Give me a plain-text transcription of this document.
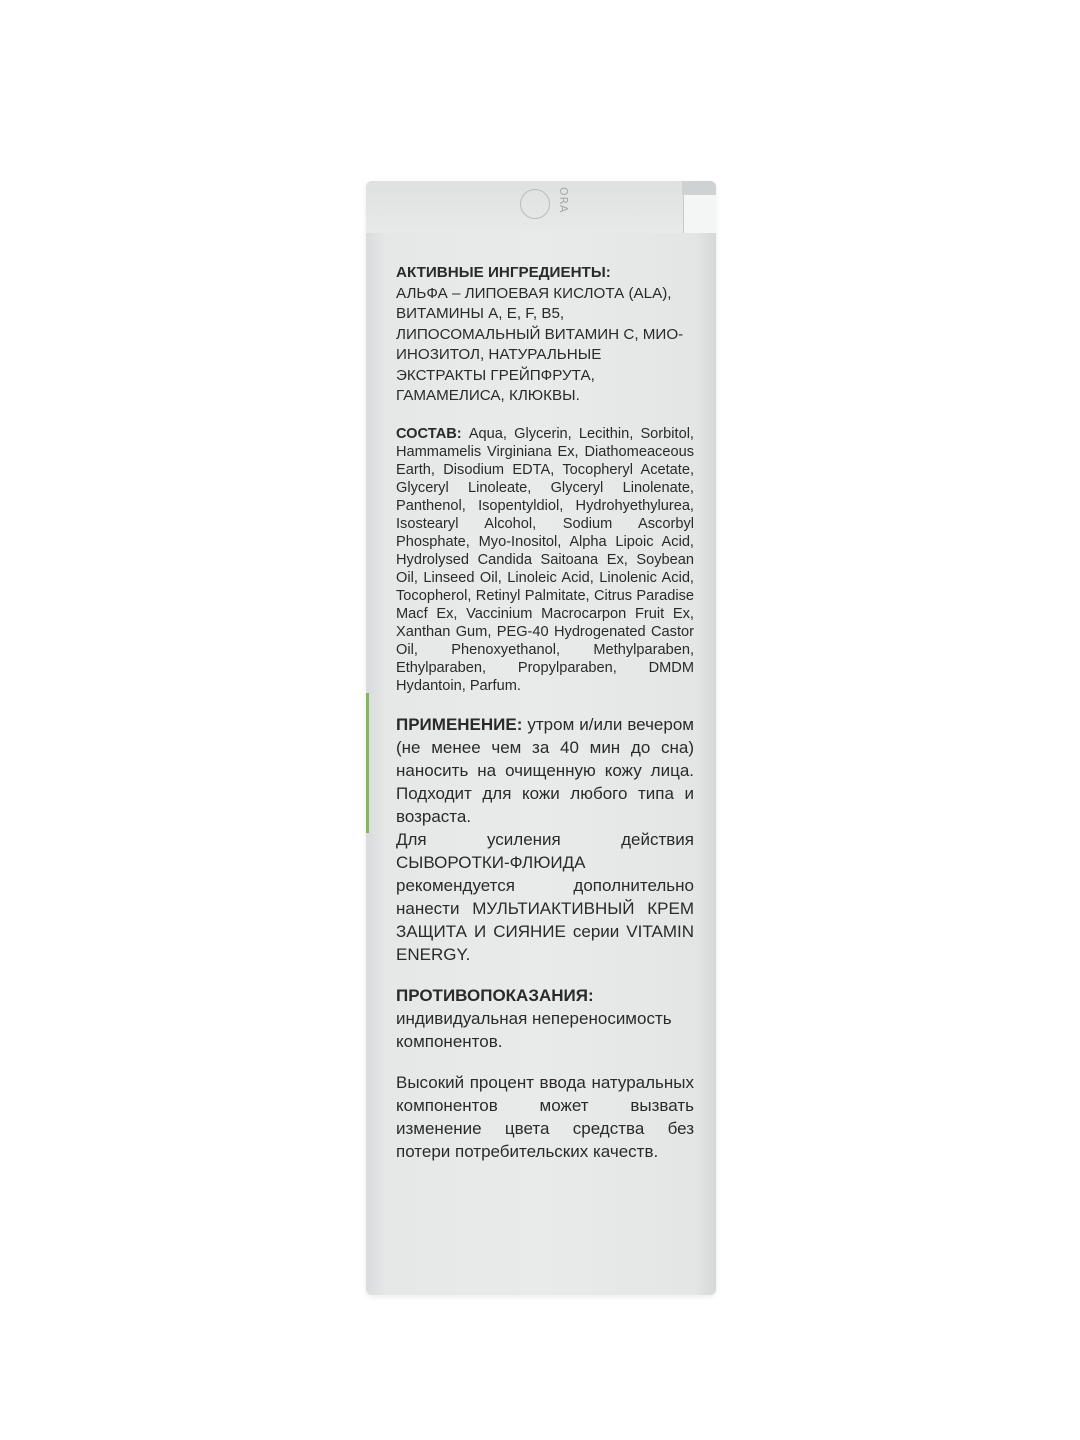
ORA
АКТИВНЫЕ ИНГРЕДИЕНТЫ:
АЛЬФА – ЛИПОЕВАЯ КИСЛОТА (ALA), ВИТАМИНЫ А, Е, F, В5, ЛИПОСОМАЛЬНЫЙ ВИТАМИН С, МИО-ИНОЗИТОЛ, НАТУРАЛЬНЫЕ ЭКСТРАКТЫ ГРЕЙПФРУТА, ГАМАМЕЛИСА, КЛЮКВЫ.
СОСТАВ: Aqua, Glycerin, Lecithin, Sorbitol, Hammamelis Virginiana Ex, Diathomeaceous Earth, Disodium EDTA, Tocopheryl Acetate, Glyceryl Linoleate, Glyceryl Linolenate, Panthenol, Isopentyldiol, Hydrohyethylurea, Isostearyl Alcohol, Sodium Ascorbyl Phosphate, Myo-Inositol, Alpha Lipoic Acid, Hydrolysed Candida Saitoana Ex, Soybean Oil, Linseed Oil, Linoleic Acid, Linolenic Acid, Tocopherol, Retinyl Palmitate, Citrus Paradise Macf Ex, Vaccinium Macrocarpon Fruit Ex, Xanthan Gum, PEG-40 Hydrogenated Castor Oil, Phenoxyethanol, Methylparaben, Ethylparaben, Propylparaben, DMDM Hydantoin, Parfum.
ПРИМЕНЕНИЕ: утром и/или вечером (не менее чем за 40 мин до сна) наносить на очищенную кожу лица. Подходит для кожи любого типа и возраста.
Для усиления действия СЫВОРОТКИ-ФЛЮИДА рекомендуется дополнительно нанести МУЛЬТИАКТИВНЫЙ КРЕМ ЗАЩИТА И СИЯНИЕ серии VITAMIN ENERGY.
ПРОТИВОПОКАЗАНИЯ:
индивидуальная непереносимость компонентов.
Высокий процент ввода натуральных компонентов может вызвать изменение цвета средства без потери потребительских качеств.
